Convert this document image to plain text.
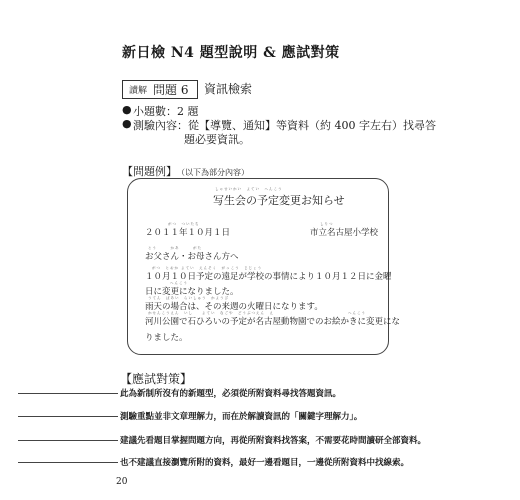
新日檢 N4 題型說明 & 應試對策
讀解 問題 6 資訊檢索
● 小題數：2 題
● 測驗內容：從【導覽、通知】等資料（約 400 字左右）找尋答
題必要資訊。
【問題例】 （以下為部分內容）
しゃせいかい　よてい　へんこう
写生会の予定変更お知らせ
がつ　ついたち
２０１１年１０月１日
しりつ
市立名古屋小学校
とう　　　かあ　　　がた
お父さん・お母さん方へ
がつ　とおか よてい　えんそく　がっこう　じじょう
１０月１０日予定の遠足が学校の事情により１０月１２日に金曜
へんこう
日に変更になりました。
うてん　ばあい　らいしゅう　かようび
雨天の場合は、その来週の火曜日になります。
かせんこうえん　いし　　よてい　なごや　どうぶつえん　え	へんこう
河川公園で石ひろいの予定が名古屋動物園でのお絵かきに変更にな
りました。
【應試對策】
此為新制所沒有的新題型，必須從所附資料尋找答題資訊。
測驗重點並非文章理解力，而在於解讀資訊的「關鍵字理解力」。
建議先看題目掌握問題方向，再從所附資料找答案，不需要花時間讀研全部資料。
也不建議直接瀏覽所附的資料，最好一邊看題目，一邊從所附資料中找線索。
20
